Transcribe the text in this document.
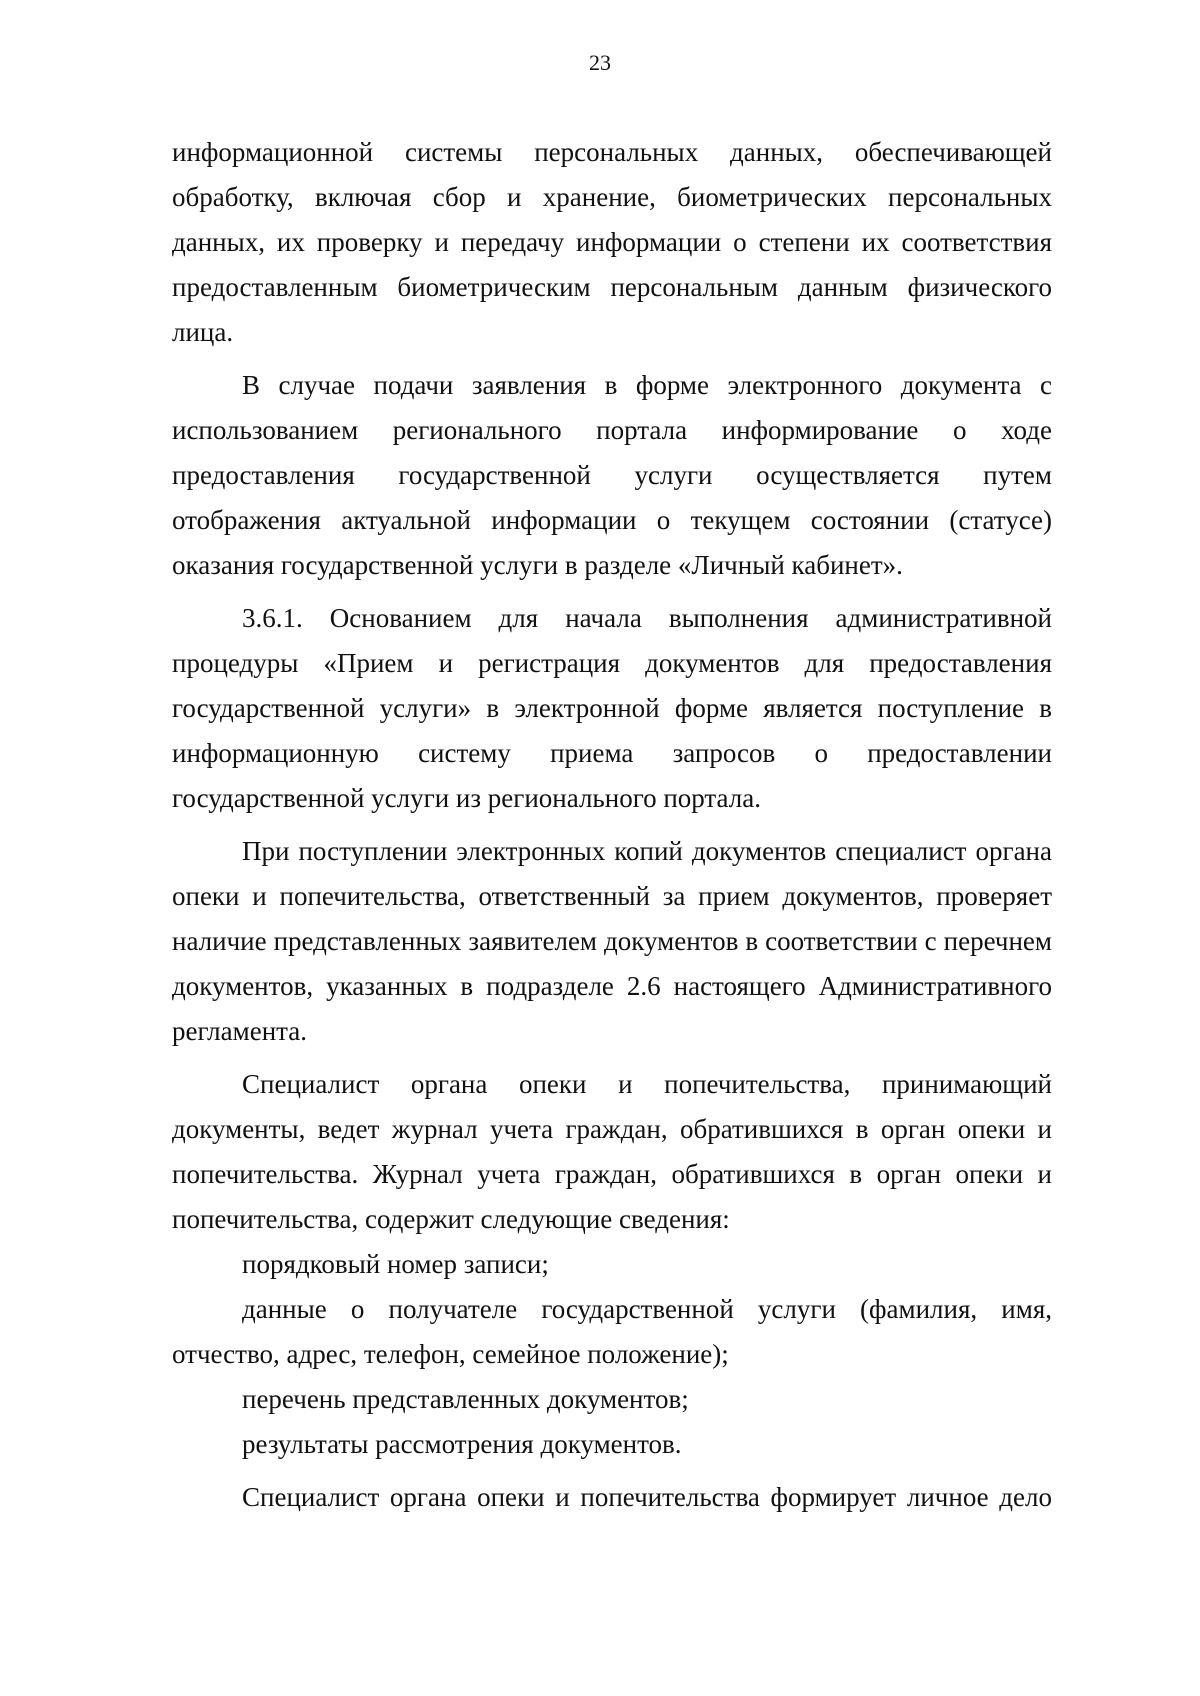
23

информационной системы персональных данных, обеспечивающей обработку, включая сбор и хранение, биометрических персональных данных, их проверку и передачу информации о степени их соответствия предоставленным биометрическим персональным данным физического лица.

В случае подачи заявления в форме электронного документа с использованием регионального портала информирование о ходе предоставления государственной услуги осуществляется путем отображения актуальной информации о текущем состоянии (статусе) оказания государственной услуги в разделе «Личный кабинет».

3.6.1. Основанием для начала выполнения административной процедуры «Прием и регистрация документов для предоставления государственной услуги» в электронной форме является поступление в информационную систему приема запросов о предоставлении государственной услуги из регионального портала.

При поступлении электронных копий документов специалист органа опеки и попечительства, ответственный за прием документов, проверяет наличие представленных заявителем документов в соответствии с перечнем документов, указанных в подразделе 2.6 настоящего Административного регламента.

Специалист органа опеки и попечительства, принимающий документы, ведет журнал учета граждан, обратившихся в орган опеки и попечительства. Журнал учета граждан, обратившихся в орган опеки и попечительства, содержит следующие сведения:

порядковый номер записи;

данные о получателе государственной услуги (фамилия, имя, отчество, адрес, телефон, семейное положение);

перечень представленных документов;

результаты рассмотрения документов.

Специалист органа опеки и попечительства формирует личное дело
